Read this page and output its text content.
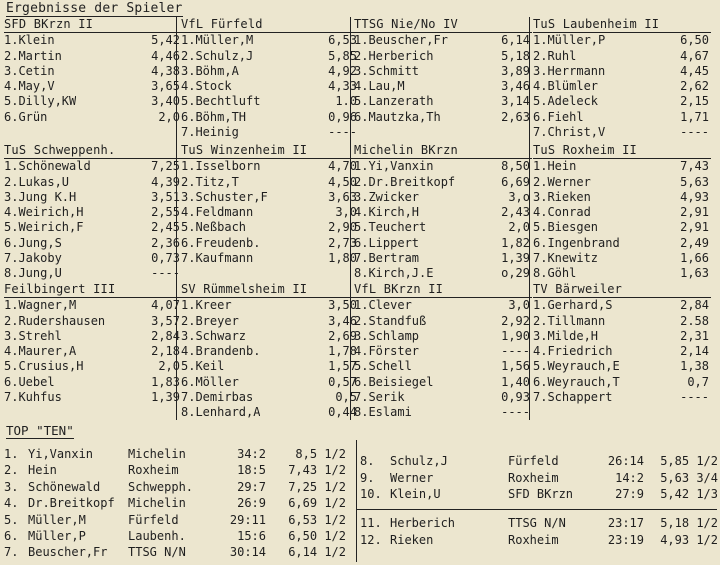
Ergebnisse der Spieler
SFD BKrzn II
1.Klein	5,42
2.Martin	4,46
3.Cetin	4,38
4.May,V	3,65
5.Dilly,KW	3,40
6.Grün	2,0
VfL Fürfeld
1.Müller,M	6,53
2.Schulz,J	5,85
3.Böhm,A	4,92
4.Stock	4,33
5.Bechtluft	1.0
6.Böhm,TH	0,96
7.Heinig	----
TTSG Nie/No IV
1.Beuscher,Fr	6,14
2.Herberich	5,18
3.Schmitt	3,89
4.Lau,M	3,46
5.Lanzerath	3,14
6.Mautzka,Th	2,63
TuS Laubenheim II
1.Müller,P	6,50
2.Ruhl	4,67
3.Herrmann	4,45
4.Blümler	2,62
5.Adeleck	2,15
6.Fiehl	1,71
7.Christ,V	----
TuS Schweppenh.
1.Schönewald	7,25
2.Lukas,U	4,39
3.Jung K.H	3,51
4.Weirich,H	2,55
5.Weirich,F	2,45
6.Jung,S	2,36
7.Jakoby	0,73
8.Jung,U	----
TuS Winzenheim II
1.Isselborn	4,70
2.Titz,T	4,50
3.Schuster,F	3,63
4.Feldmann	3,0
5.Neßbach	2,90
6.Freudenb.	2,73
7.Kaufmann	1,80
Michelin BKrzn
1.Yi,Vanxin	8,50
2.Dr.Breitkopf	6,69
3.Zwicker	3,o
4.Kirch,H	2,43
5.Teuchert	2,0
6.Lippert	1,82
7.Bertram	1,39
8.Kirch,J.E	o,29
TuS Roxheim II
1.Hein	7,43
2.Werner	5,63
3.Rieken	4,93
4.Conrad	2,91
5.Biesgen	2,91
6.Ingenbrand	2,49
7.Knewitz	1,66
8.Göhl	1,63
Feilbingert III
1.Wagner,M	4,07
2.Rudershausen	3,57
3.Strehl	2,84
4.Maurer,A	2,18
5.Crusius,H	2,0
6.Uebel	1,83
7.Kuhfus	1,39
SV Rümmelsheim II
1.Kreer	3,50
2.Breyer	3,46
3.Schwarz	2,69
4.Brandenb.	1,78
5.Keil	1,57
6.Möller	0,57
7.Demirbas	0,5
8.Lenhard,A	0,44
VfL BKrzn II
1.Clever	3,0
2.Standfuß	2,92
3.Schlamp	1,90
4.Förster	----
5.Schell	1,56
6.Beisiegel	1,40
7.Serik	0,93
8.Eslami	----
TV Bärweiler
1.Gerhard,S	2,84
2.Tillmann	2.58
3.Milde,H	2,31
4.Friedrich	2,14
5.Weyrauch,E	1,38
6.Weyrauch,T	0,7
7.Schappert	----
TOP "TEN"
1. Yi,Vanxin	Michelin	34:2	8,5 1/2
2. Hein	Roxheim	18:5	7,43 1/2
3. Schönewald	Schwepph.	29:7	7,25 1/2
4. Dr.Breitkopf	Michelin	26:9	6,69 1/2
5. Müller,M	Fürfeld	29:11	6,53 1/2
6. Müller,P	Laubenh.	15:6	6,50 1/2
7. Beuscher,Fr	TTSG N/N	30:14	6,14 1/2
8.	Schulz,J	Fürfeld	26:14	5,85 1/2
9.	Werner	Roxheim	14:2	5,63 3/4
10. Klein,U	SFD BKrzn	27:9	5,42 1/3
11. Herberich	TTSG N/N	23:17	5,18 1/2
12. Rieken	Roxheim	23:19	4,93 1/2
